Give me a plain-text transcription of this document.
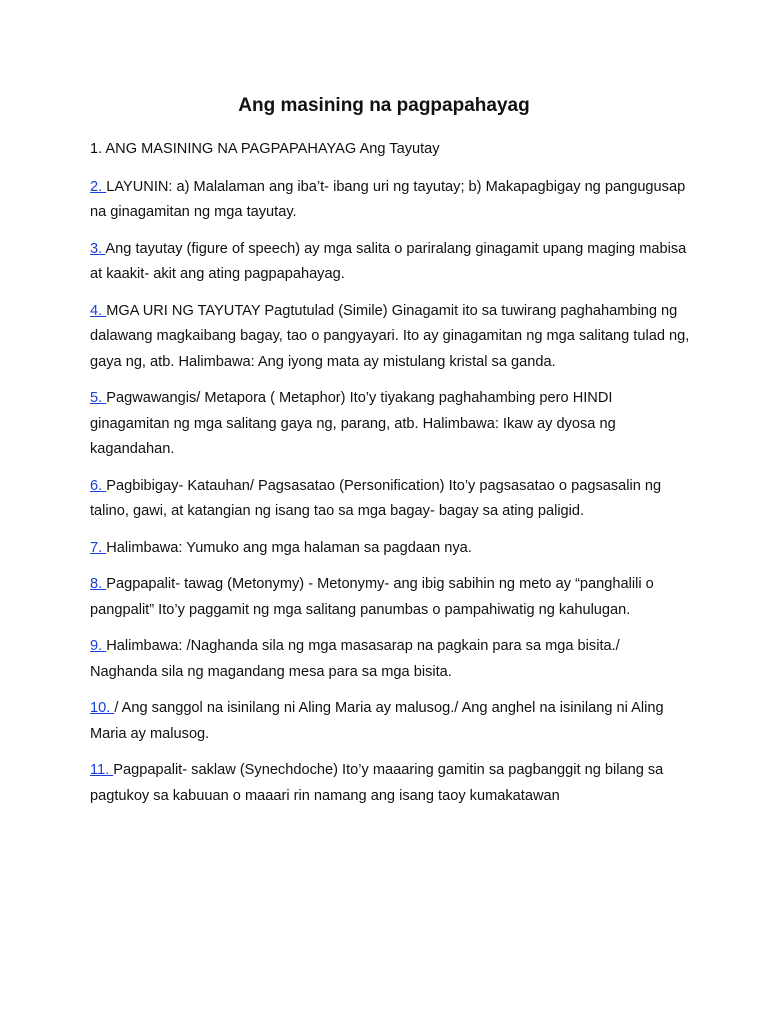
Ang masining na pagpapahayag

1. ANG MASINING NA PAGPAPAHAYAG Ang Tayutay

2. LAYUNIN: a) Malalaman ang iba’t- ibang uri ng tayutay; b) Makapagbigay ng pangugusap na ginagamitan ng mga tayutay.

3. Ang tayutay (figure of speech) ay mga salita o pariralang ginagamit upang maging mabisa at kaakit- akit ang ating pagpapahayag.

4. MGA URI NG TAYUTAY Pagtutulad (Simile) Ginagamit ito sa tuwirang paghahambing ng dalawang magkaibang bagay, tao o pangyayari. Ito ay ginagamitan ng mga salitang tulad ng, gaya ng, atb. Halimbawa: Ang iyong mata ay mistulang kristal sa ganda.

5. Pagwawangis/ Metapora ( Metaphor) Ito’y tiyakang paghahambing pero HINDI ginagamitan ng mga salitang gaya ng, parang, atb. Halimbawa: Ikaw ay dyosa ng kagandahan.

6. Pagbibigay- Katauhan/ Pagsasatao (Personification) Ito’y pagsasatao o pagsasalin ng talino, gawi, at katangian ng isang tao sa mga bagay- bagay sa ating paligid.

7. Halimbawa: Yumuko ang mga halaman sa pagdaan nya.

8. Pagpapalit- tawag (Metonymy) - Metonymy- ang ibig sabihin ng meto ay “panghalili o pangpalit” Ito’y paggamit ng mga salitang panumbas o pampahiwatig ng kahulugan.

9. Halimbawa: /Naghanda sila ng mga masasarap na pagkain para sa mga bisita./ Naghanda sila ng magandang mesa para sa mga bisita.

10. / Ang sanggol na isinilang ni Aling Maria ay malusog./ Ang anghel na isinilang ni Aling Maria ay malusog.

11. Pagpapalit- saklaw (Synechdoche) Ito’y maaaring gamitin sa pagbanggit ng bilang sa pagtukoy sa kabuuan o maaari rin namang ang isang taoy kumakatawan
